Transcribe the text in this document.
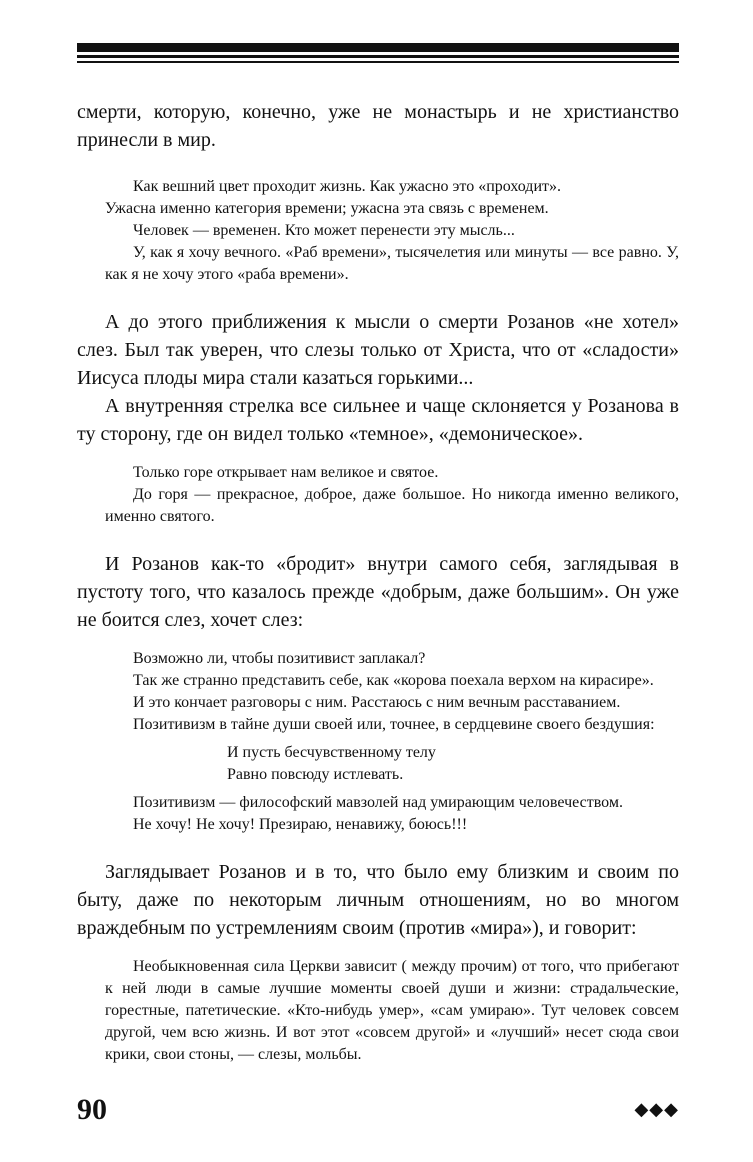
смерти, которую, конечно, уже не монастырь и не христианство принесли в мир.

Как вешний цвет проходит жизнь. Как ужасно это «проходит».

Ужасна именно категория времени; ужасна эта связь с временем.

Человек — временен. Кто может перенести эту мысль...

У, как я хочу вечного. «Раб времени», тысячелетия или минуты — все равно. У, как я не хочу этого «раба времени».

А до этого приближения к мысли о смерти Розанов «не хотел» слез. Был так уверен, что слезы только от Христа, что от «сладости» Иисуса плоды мира стали казаться горькими...

А внутренняя стрелка все сильнее и чаще склоняется у Розанова в ту сторону, где он видел только «темное», «демоническое».

Только горе открывает нам великое и святое.

До горя — прекрасное, доброе, даже большое. Но никогда именно великого, именно святого.

И Розанов как-то «бродит» внутри самого себя, заглядывая в пустоту того, что казалось прежде «добрым, даже большим». Он уже не боится слез, хочет слез:

Возможно ли, чтобы позитивист заплакал?

Так же странно представить себе, как «корова поехала верхом на кирасире».

И это кончает разговоры с ним. Расстаюсь с ним вечным расставанием.

Позитивизм в тайне души своей или, точнее, в сердцевине своего бездушия:

И пусть бесчувственному телу

Равно повсюду истлевать.

Позитивизм — философский мавзолей над умирающим человечеством.

Не хочу! Не хочу! Презираю, ненавижу, боюсь!!!

Заглядывает Розанов и в то, что было ему близким и своим по быту, даже по некоторым личным отношениям, но во многом враждебным по устремлениям своим (против «мира»), и говорит:

Необыкновенная сила Церкви зависит ( между прочим) от того, что прибегают к ней люди в самые лучшие моменты своей души и жизни: страдальческие, горестные, патетические. «Кто-нибудь умер», «сам умираю». Тут человек совсем другой, чем всю жизнь. И вот этот «совсем другой» и «лучший» несет сюда свои крики, свои стоны, — слезы, мольбы.

90	◆◆◆
